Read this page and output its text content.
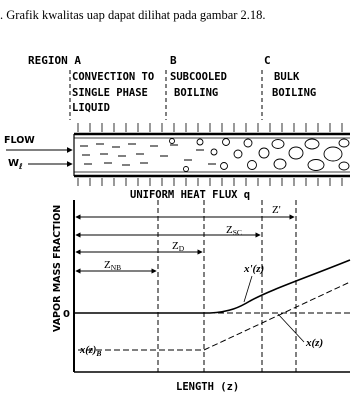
. Grafik kwalitas uap dapat dilihat pada gambar 2.18.
REGION A	B	C
CONVECTION TO
SINGLE PHASE
LIQUID
SUBCOOLED
BOILING
BULK
BOILING
FLOW
$W_\ell$
UNIFORM HEAT FLUX q
Z'
ZSC
ZD
ZNB
VAPOR MASS FRACTION 0
x'(z)
x(z)
$x(z)_B$
LENGTH (z)
